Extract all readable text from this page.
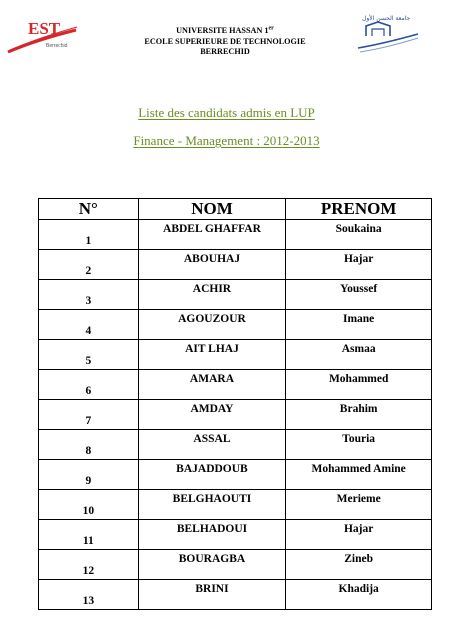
EST
Berrechid
جامعة الحسن الأول
UNIVERSITE HASSAN 1er
ECOLE SUPERIEURE DE TECHNOLOGIE
BERRECHID
Liste des candidats admis en LUP
Finance - Management : 2012-2013
N°	NOM	PRENOM
1	ABDEL GHAFFAR	Soukaina
2	ABOUHAJ	Hajar
3	ACHIR	Youssef
4	AGOUZOUR	Imane
5	AIT LHAJ	Asmaa
6	AMARA	Mohammed
7	AMDAY	Brahim
8	ASSAL	Touria
9	BAJADDOUB	Mohammed Amine
10	BELGHAOUTI	Merieme
11	BELHADOUI	Hajar
12	BOURAGBA	Zineb
13	BRINI	Khadija
